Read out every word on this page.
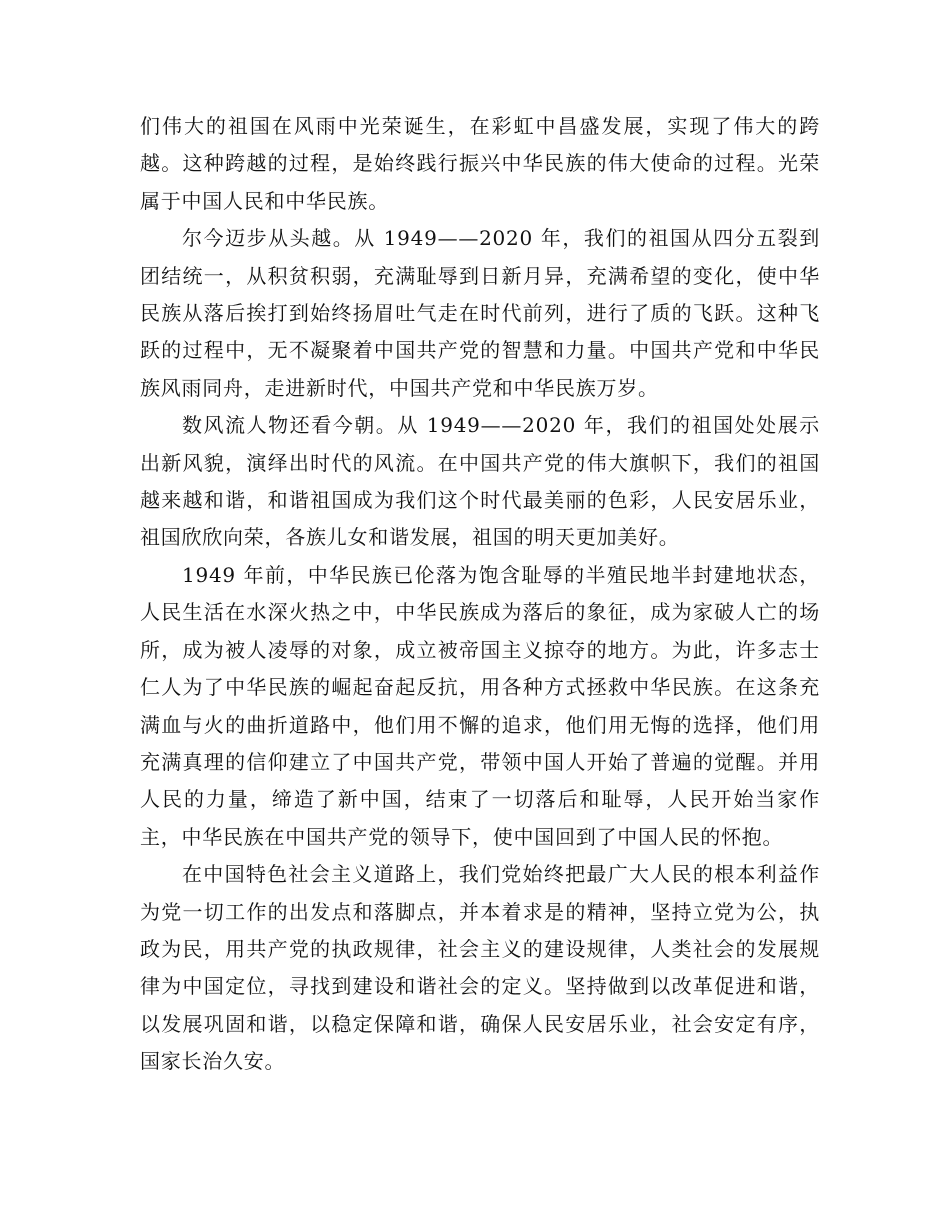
们伟大的祖国在风雨中光荣诞生，在彩虹中昌盛发展，实现了伟大的跨越。这种跨越的过程，是始终践行振兴中华民族的伟大使命的过程。光荣属于中国人民和中华民族。

尔今迈步从头越。从 1949——2020 年，我们的祖国从四分五裂到团结统一，从积贫积弱，充满耻辱到日新月异，充满希望的变化，使中华民族从落后挨打到始终扬眉吐气走在时代前列，进行了质的飞跃。这种飞跃的过程中，无不凝聚着中国共产党的智慧和力量。中国共产党和中华民族风雨同舟，走进新时代，中国共产党和中华民族万岁。

数风流人物还看今朝。从 1949——2020 年，我们的祖国处处展示出新风貌，演绎出时代的风流。在中国共产党的伟大旗帜下，我们的祖国越来越和谐，和谐祖国成为我们这个时代最美丽的色彩，人民安居乐业，祖国欣欣向荣，各族儿女和谐发展，祖国的明天更加美好。

1949 年前，中华民族已伦落为饱含耻辱的半殖民地半封建地状态，人民生活在水深火热之中，中华民族成为落后的象征，成为家破人亡的场所，成为被人凌辱的对象，成立被帝国主义掠夺的地方。为此，许多志士仁人为了中华民族的崛起奋起反抗，用各种方式拯救中华民族。在这条充满血与火的曲折道路中，他们用不懈的追求，他们用无悔的选择，他们用充满真理的信仰建立了中国共产党，带领中国人开始了普遍的觉醒。并用人民的力量，缔造了新中国，结束了一切落后和耻辱，人民开始当家作主，中华民族在中国共产党的领导下，使中国回到了中国人民的怀抱。

在中国特色社会主义道路上，我们党始终把最广大人民的根本利益作为党一切工作的出发点和落脚点，并本着求是的精神，坚持立党为公，执政为民，用共产党的执政规律，社会主义的建设规律，人类社会的发展规律为中国定位，寻找到建设和谐社会的定义。坚持做到以改革促进和谐，以发展巩固和谐，以稳定保障和谐，确保人民安居乐业，社会安定有序，国家长治久安。
